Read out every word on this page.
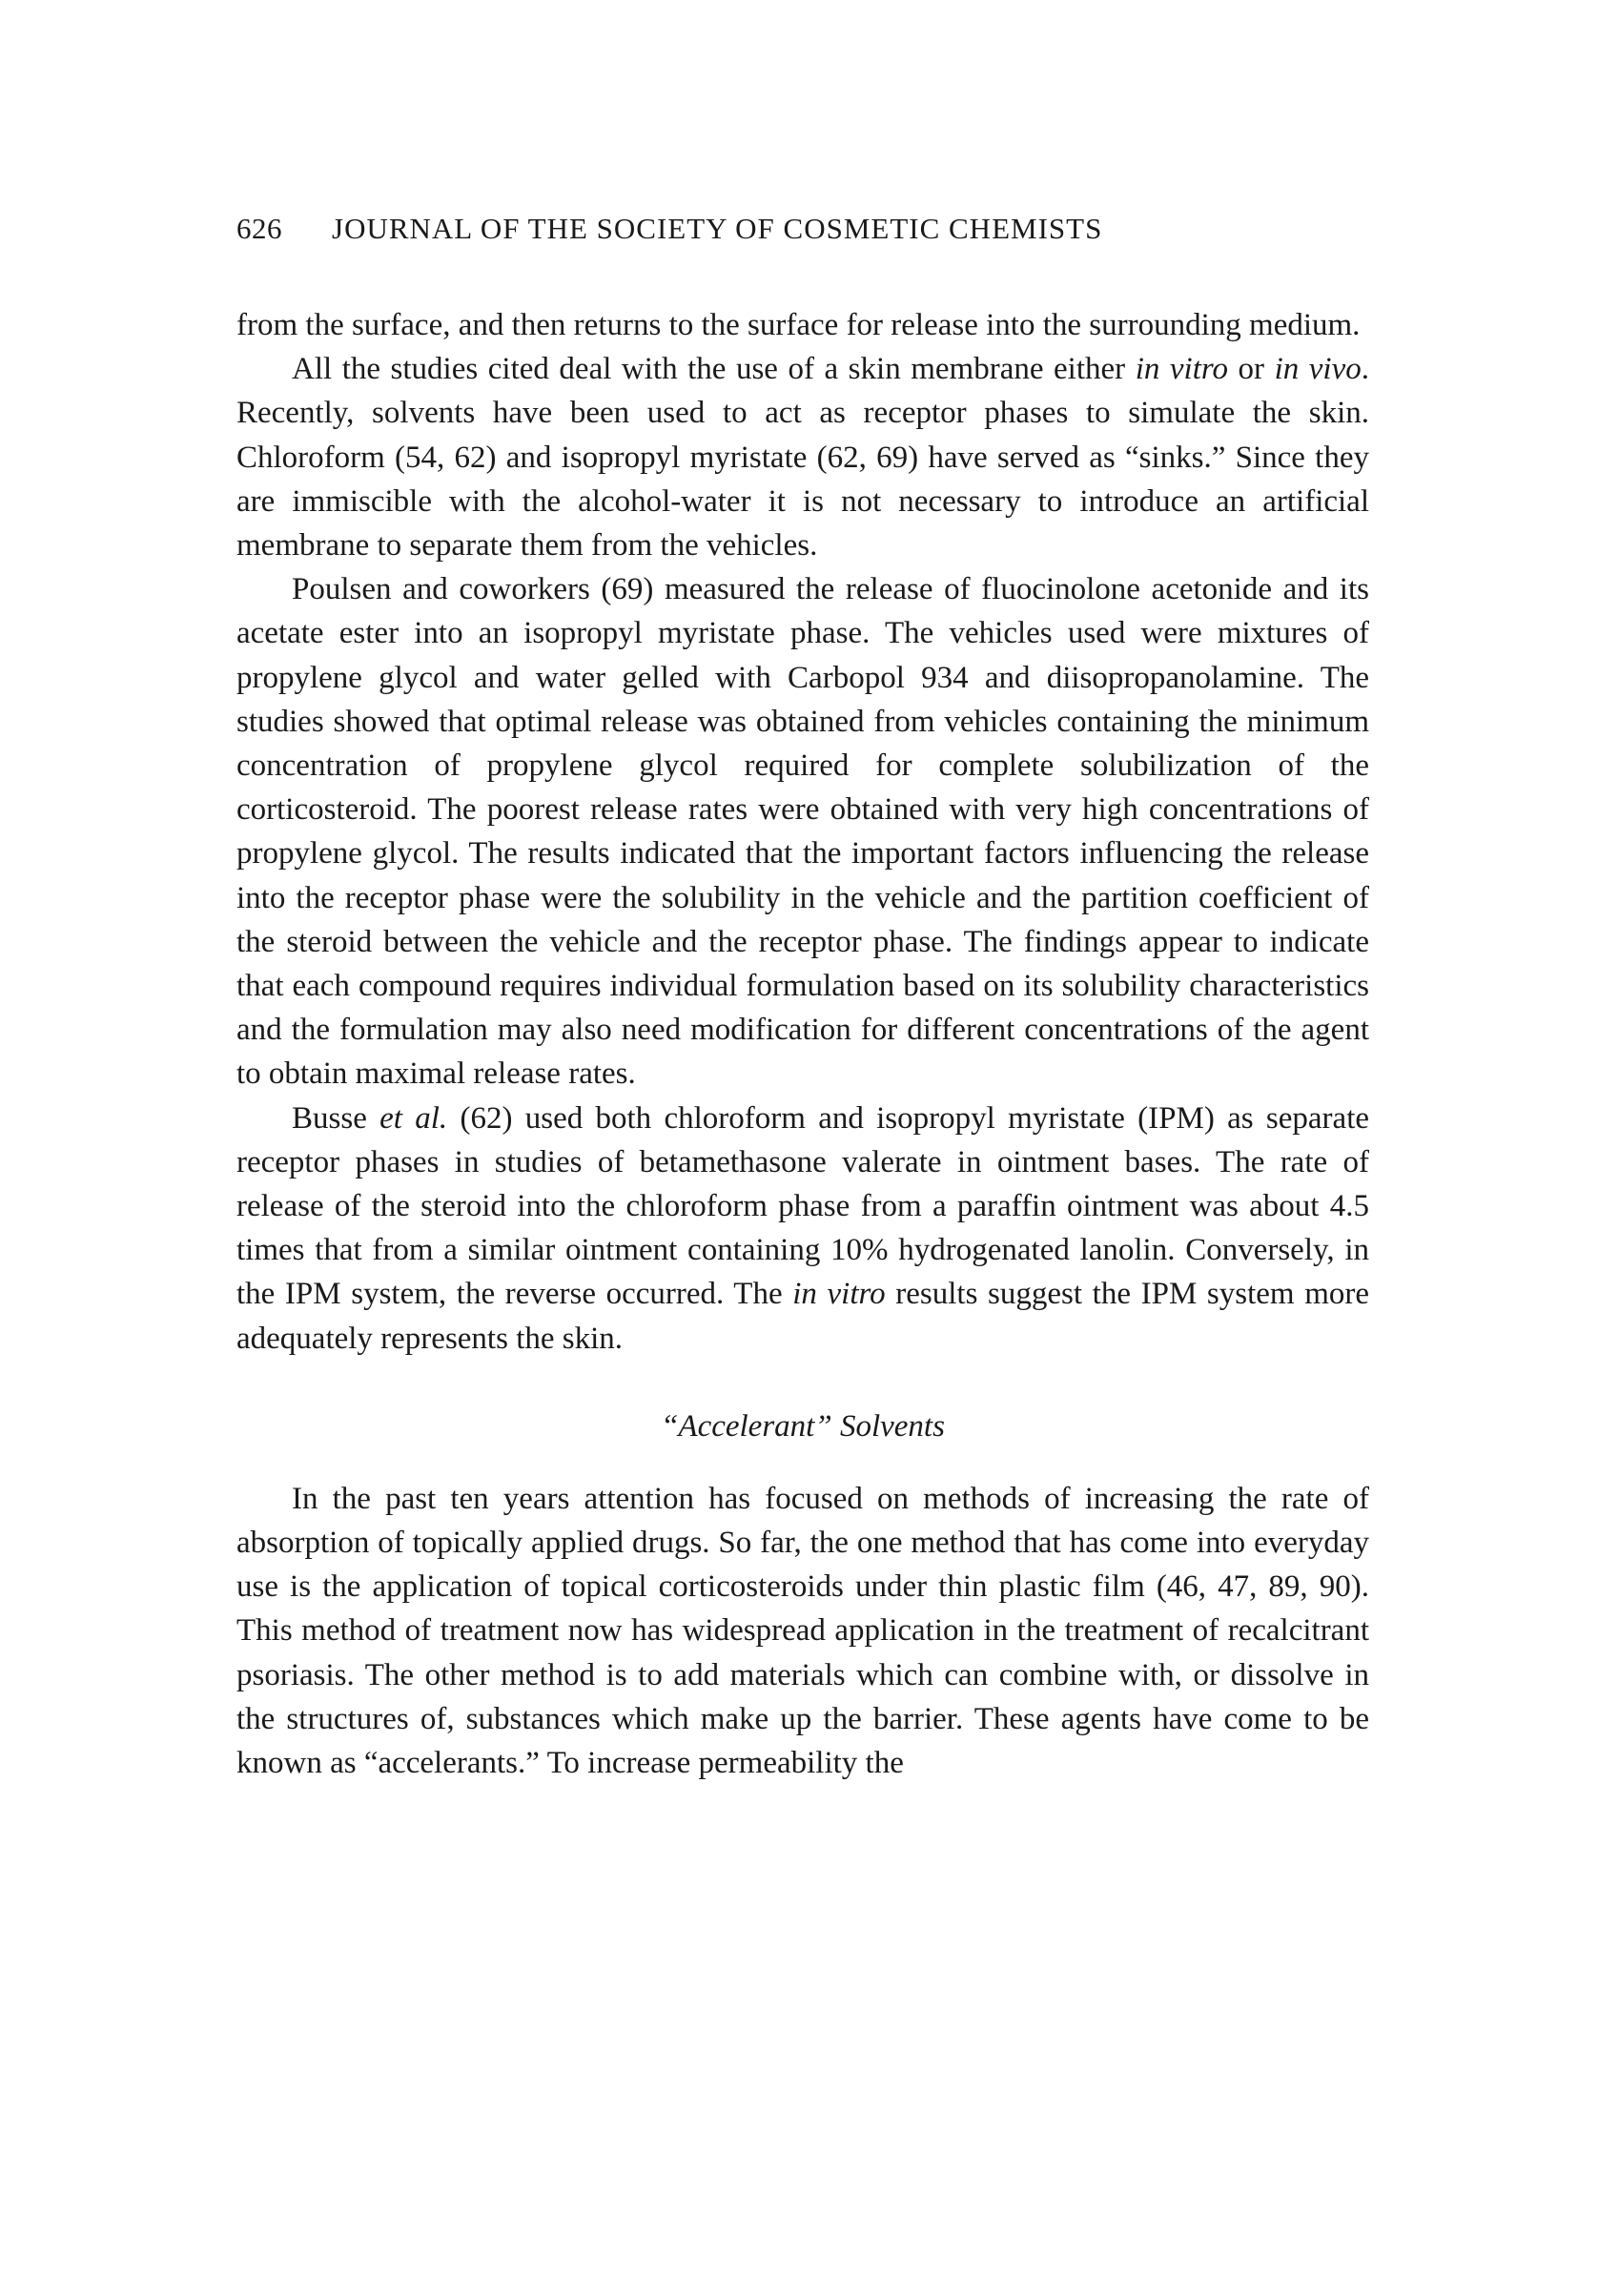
626	JOURNAL OF THE SOCIETY OF COSMETIC CHEMISTS

from the surface, and then returns to the surface for release into the surrounding medium.

All the studies cited deal with the use of a skin membrane either in vitro or in vivo. Recently, solvents have been used to act as receptor phases to simulate the skin. Chloroform (54, 62) and isopropyl myristate (62, 69) have served as “sinks.” Since they are immiscible with the alcohol-water it is not necessary to introduce an artificial membrane to separate them from the vehicles.

Poulsen and coworkers (69) measured the release of fluocinolone acetonide and its acetate ester into an isopropyl myristate phase. The vehicles used were mixtures of propylene glycol and water gelled with Carbopol 934 and diisopropanolamine. The studies showed that optimal release was obtained from vehicles containing the minimum concentration of propylene glycol required for complete solubilization of the corticosteroid. The poorest release rates were obtained with very high concentrations of propylene glycol. The results indicated that the important factors influencing the release into the receptor phase were the solubility in the vehicle and the partition coefficient of the steroid between the vehicle and the receptor phase. The findings appear to indicate that each compound requires individual formulation based on its solubility characteristics and the formulation may also need modification for different concentrations of the agent to obtain maximal release rates.

Busse et al. (62) used both chloroform and isopropyl myristate (IPM) as separate receptor phases in studies of betamethasone valerate in ointment bases. The rate of release of the steroid into the chloroform phase from a paraffin ointment was about 4.5 times that from a similar ointment containing 10% hydrogenated lanolin. Conversely, in the IPM system, the reverse occurred. The in vitro results suggest the IPM system more adequately represents the skin.

“Accelerant” Solvents

In the past ten years attention has focused on methods of increasing the rate of absorption of topically applied drugs. So far, the one method that has come into everyday use is the application of topical corticosteroids under thin plastic film (46, 47, 89, 90). This method of treatment now has widespread application in the treatment of recalcitrant psoriasis. The other method is to add materials which can combine with, or dissolve in the structures of, substances which make up the barrier. These agents have come to be known as “accelerants.” To increase permeability the
